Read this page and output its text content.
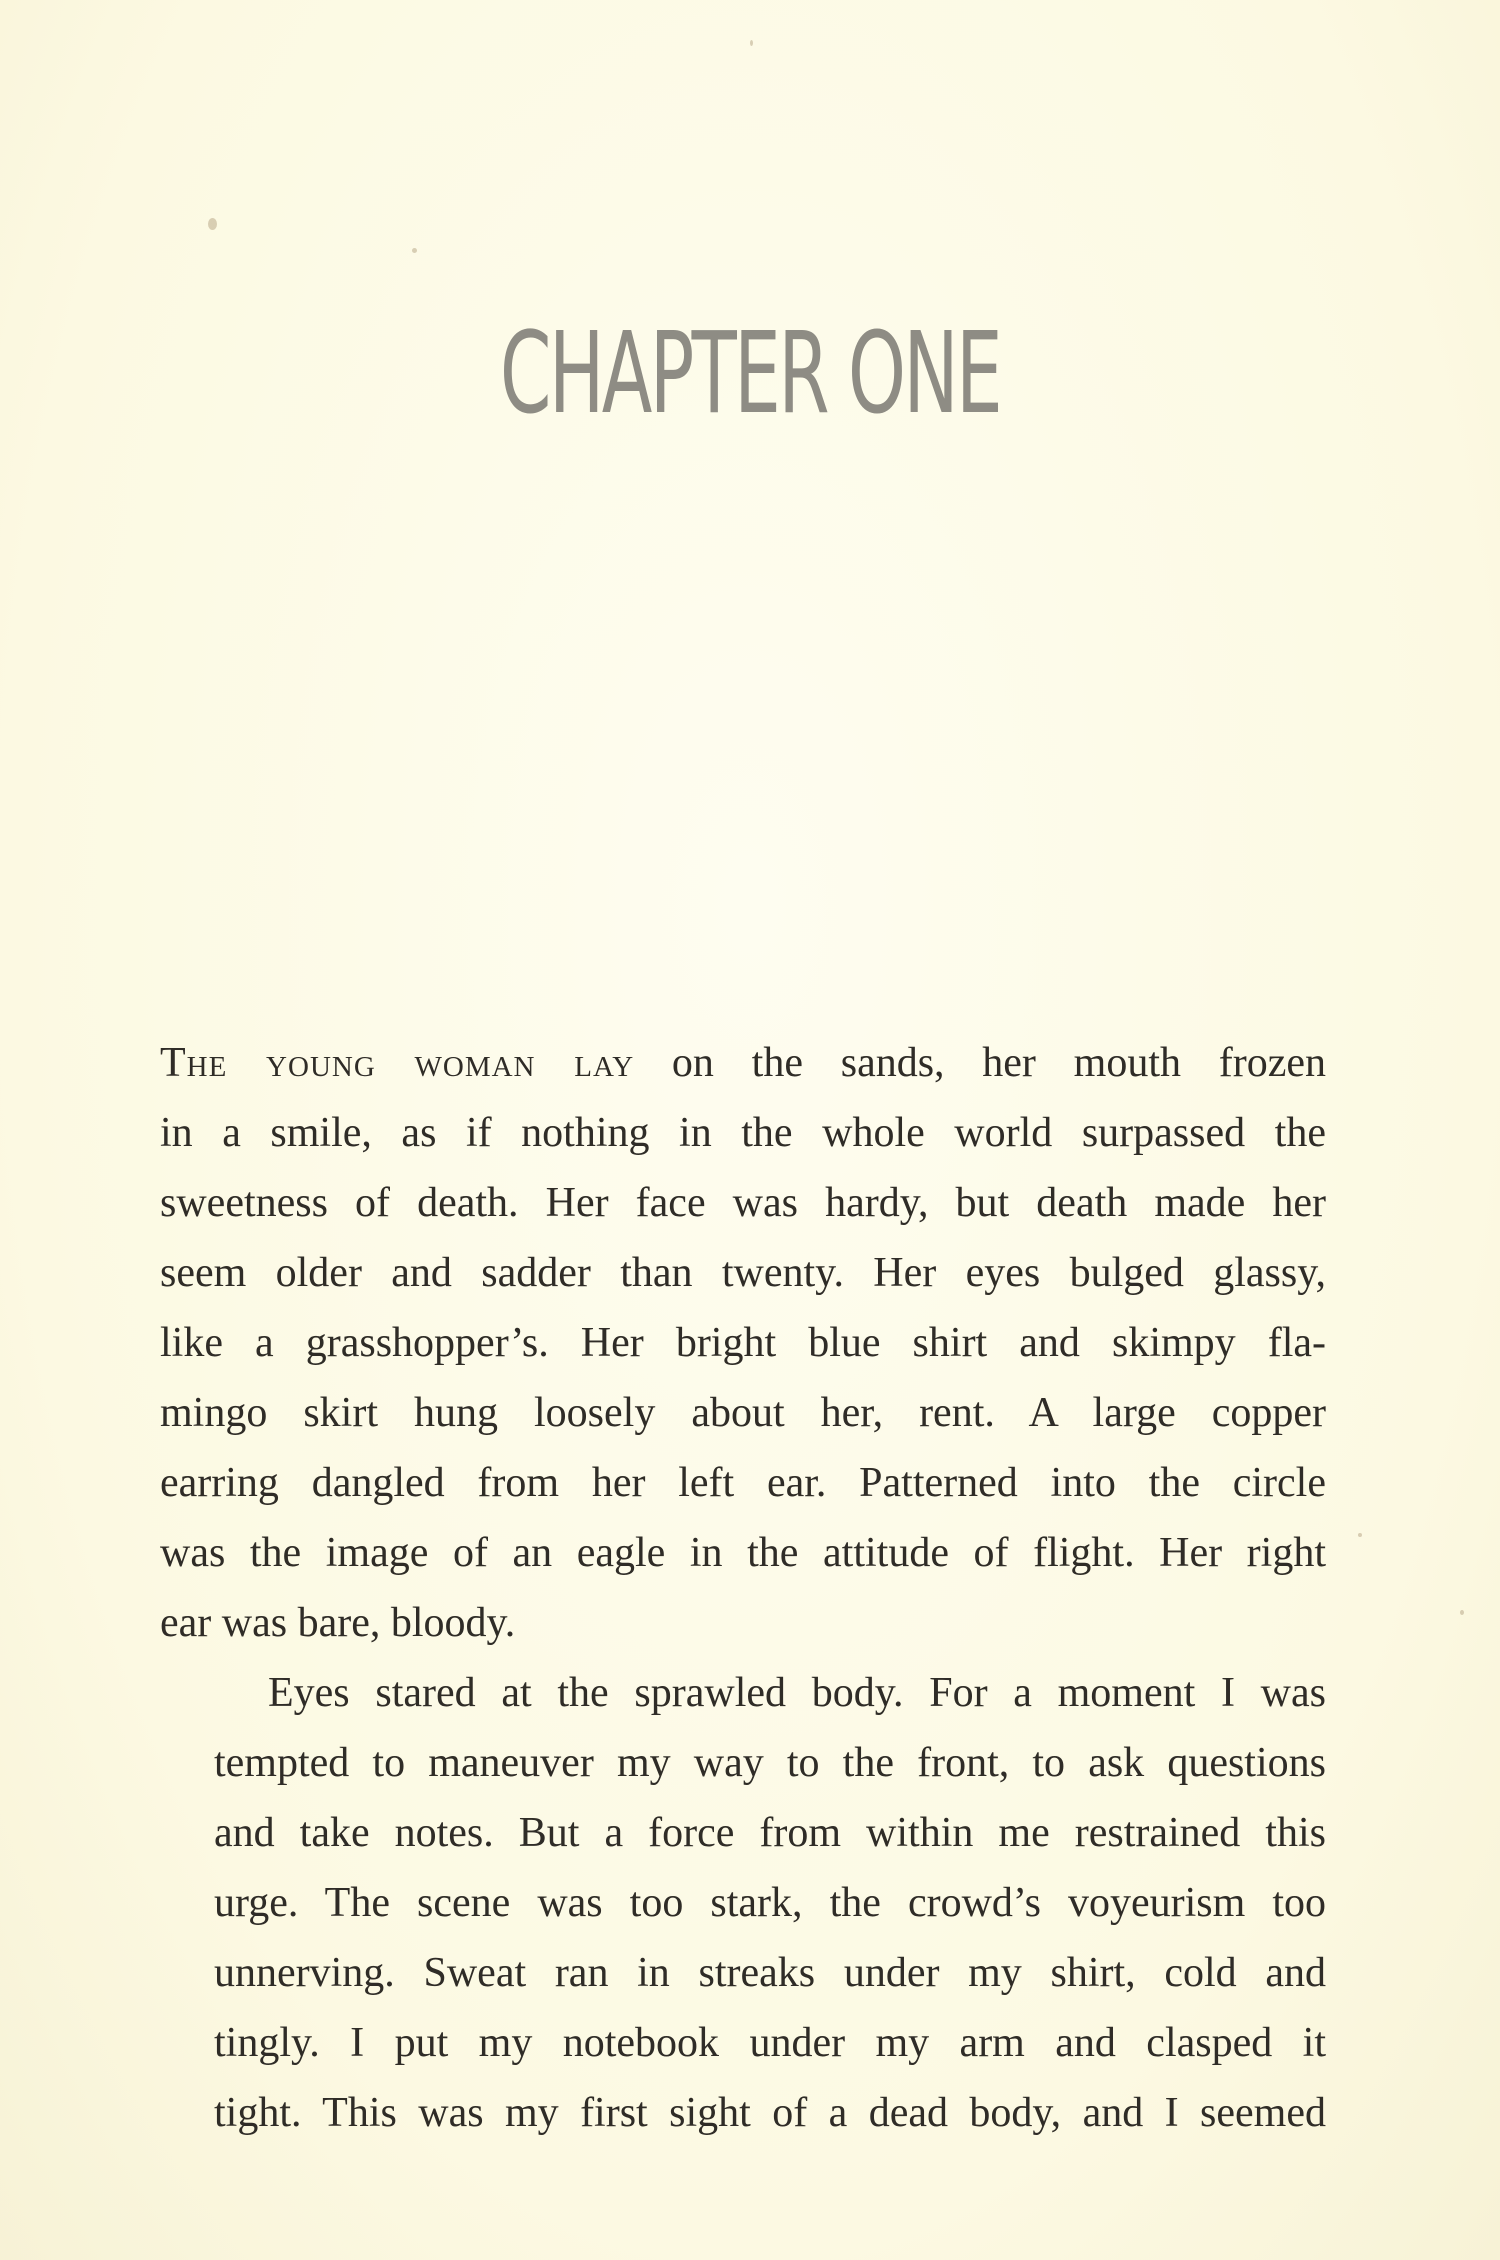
CHAPTER ONE
The young woman lay on the sands, her mouth frozen
in a smile, as if nothing in the whole world surpassed the
sweetness of death. Her face was hardy, but death made her
seem older and sadder than twenty. Her eyes bulged glassy,
like a grasshopper’s. Her bright blue shirt and skimpy fla-
mingo skirt hung loosely about her, rent. A large copper
earring dangled from her left ear. Patterned into the circle
was the image of an eagle in the attitude of flight. Her right
ear was bare, bloody.
Eyes stared at the sprawled body. For a moment I was
tempted to maneuver my way to the front, to ask questions
and take notes. But a force from within me restrained this
urge. The scene was too stark, the crowd’s voyeurism too
unnerving. Sweat ran in streaks under my shirt, cold and
tingly. I put my notebook under my arm and clasped it
tight. This was my first sight of a dead body, and I seemed
